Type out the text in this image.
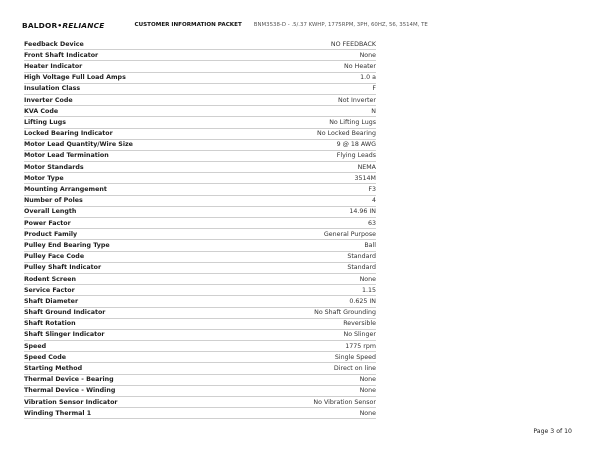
BALDOR•RELIANCE	CUSTOMER INFORMATION PACKET BNM3538-D - .5/.37 KWHP, 1775RPM, 3PH, 60HZ, 56, 3514M, TE
Feedback Device	NO FEEDBACK
Front Shaft Indicator	None
Heater Indicator	No Heater
High Voltage Full Load Amps	1.0 a
Insulation Class	F
Inverter Code	Not Inverter
KVA Code	N
Lifting Lugs	No Lifting Lugs
Locked Bearing Indicator	No Locked Bearing
Motor Lead Quantity/Wire Size	9 @ 18 AWG
Motor Lead Termination	Flying Leads
Motor Standards	NEMA
Motor Type	3514M
Mounting Arrangement	F3
Number of Poles	4
Overall Length	14.96 IN
Power Factor	63
Product Family	General Purpose
Pulley End Bearing Type	Ball
Pulley Face Code	Standard
Pulley Shaft Indicator	Standard
Rodent Screen	None
Service Factor	1.15
Shaft Diameter	0.625 IN
Shaft Ground Indicator	No Shaft Grounding
Shaft Rotation	Reversible
Shaft Slinger Indicator	No Slinger
Speed	1775 rpm
Speed Code	Single Speed
Starting Method	Direct on line
Thermal Device - Bearing	None
Thermal Device - Winding	None
Vibration Sensor Indicator	No Vibration Sensor
Winding Thermal 1	None
Page 3 of 10
